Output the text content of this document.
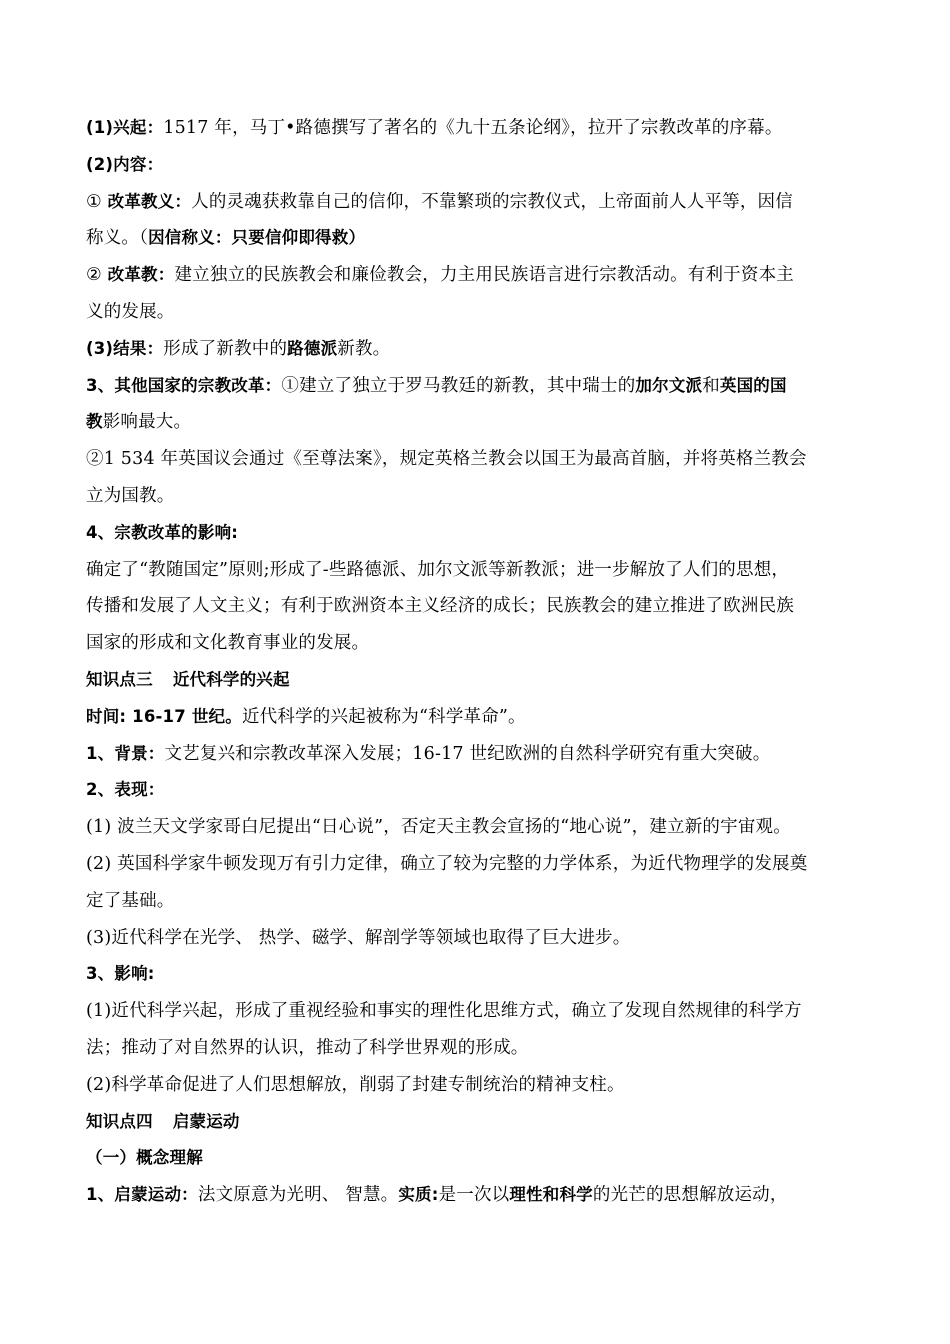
(1)兴起：1517 年，马丁•路德撰写了著名的《九十五条论纲》，拉开了宗教改革的序幕。
(2)内容：
① 改革教义：人的灵魂获救靠自己的信仰，不靠繁琐的宗教仪式，上帝面前人人平等，因信
称义。（因信称义：只要信仰即得救）
② 改革教：建立独立的民族教会和廉俭教会，力主用民族语言进行宗教活动。有利于资本主
义的发展。
(3)结果：形成了新教中的路德派新教。
3、其他国家的宗教改革：①建立了独立于罗马教廷的新教，其中瑞士的加尔文派和英国的国
教影响最大。
②1 534 年英国议会通过《至尊法案》，规定英格兰教会以国王为最高首脑，并将英格兰教会
立为国教。
4、宗教改革的影响:
确定了“教随国定”原则;形成了-些路德派、加尔文派等新教派；进一步解放了人们的思想，
传播和发展了人文主义；有利于欧洲资本主义经济的成长；民族教会的建立推进了欧洲民族
国家的形成和文化教育事业的发展。
知识点三 近代科学的兴起
时间: 16-17 世纪。近代科学的兴起被称为“科学革命”。
1、背景：文艺复兴和宗教改革深入发展；16-17 世纪欧洲的自然科学研究有重大突破。
2、表现：
(1) 波兰天文学家哥白尼提出“日心说”，否定天主教会宣扬的“地心说”，建立新的宇宙观。
(2) 英国科学家牛顿发现万有引力定律，确立了较为完整的力学体系，为近代物理学的发展奠
定了基础。
(3)近代科学在光学、 热学、磁学、解剖学等领域也取得了巨大进步。
3、影响:
(1)近代科学兴起，形成了重视经验和事实的理性化思维方式，确立了发现自然规律的科学方
法；推动了对自然界的认识，推动了科学世界观的形成。
(2)科学革命促进了人们思想解放，削弱了封建专制统治的精神支柱。
知识点四 启蒙运动
（一）概念理解
1、启蒙运动：法文原意为光明、 智慧。实质:是一次以理性和科学的光芒的思想解放运动，
